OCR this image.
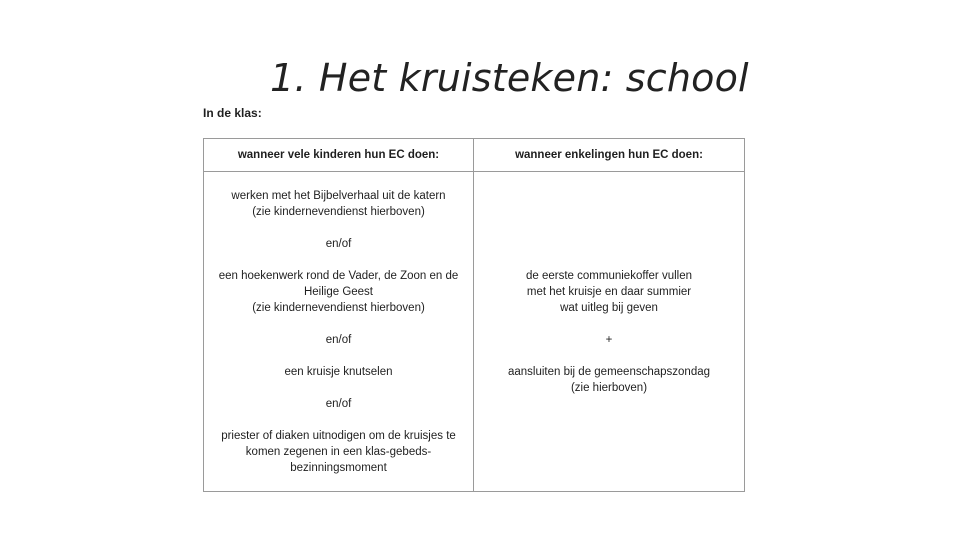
1. Het kruisteken: school
In de klas:
wanneer vele kinderen hun EC doen:	wanneer enkelingen hun EC doen:
werken met het Bijbelverhaal uit de katern
(zie kindernevendienst hierboven)
en/of
een hoekenwerk rond de Vader, de Zoon en de
Heilige Geest
(zie kindernevendienst hierboven)
en/of
een kruisje knutselen
en/of
priester of diaken uitnodigen om de kruisjes te
komen zegenen in een klas-gebeds-
bezinningsmoment
de eerste communiekoffer vullen
met het kruisje en daar summier
wat uitleg bij geven
+
aansluiten bij de gemeenschapszondag
(zie hierboven)
